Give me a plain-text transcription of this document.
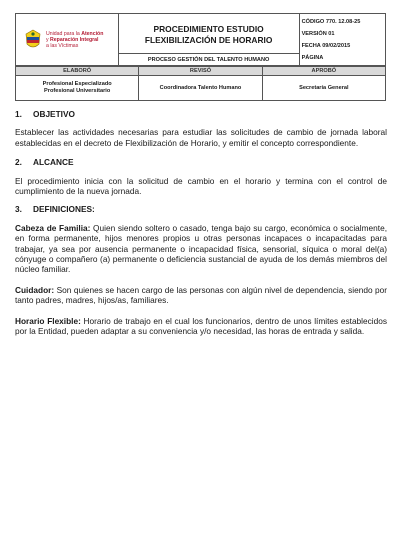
Unidad para la Atención
y Reparación Integral
a las Víctimas

PROCEDIMIENTO ESTUDIO
FLEXIBILIZACIÓN DE HORARIO

CÓDIGO 770. 12.08-25
VERSIÓN 01
FECHA 09/02/2015
PÁGINA

PROCESO GESTIÓN DEL TALENTO HUMANO
ELABORÓ	REVISÓ	APROBÓ

Profesional Especializado
Profesional Universitario	Coordinadora Talento Humano	Secretaría General
1. OBJETIVO

Establecer las actividades necesarias para estudiar las solicitudes de cambio de jornada laboral establecidas en el decreto de Flexibilización de Horario, y emitir el concepto correspondiente.

2. ALCANCE

El procedimiento inicia con la solicitud de cambio en el horario y termina con el control de cumplimiento de la nueva jornada.

3. DEFINICIONES:

Cabeza de Familia: Quien siendo soltero o casado, tenga bajo su cargo, económica o socialmente, en forma permanente, hijos menores propios u otras personas incapaces o incapacitadas para trabajar, ya sea por ausencia permanente o incapacidad física, sensorial, síquica o moral del(a) cónyuge o compañero (a) permanente o deficiencia sustancial de ayuda de los demás miembros del núcleo familiar.

Cuidador: Son quienes se hacen cargo de las personas con algún nivel de dependencia, siendo por tanto padres, madres, hijos/as, familiares.

Horario Flexible: Horario de trabajo en el cual los funcionarios, dentro de unos límites establecidos por la Entidad, pueden adaptar a su conveniencia y/o necesidad, las horas de entrada y salida.
